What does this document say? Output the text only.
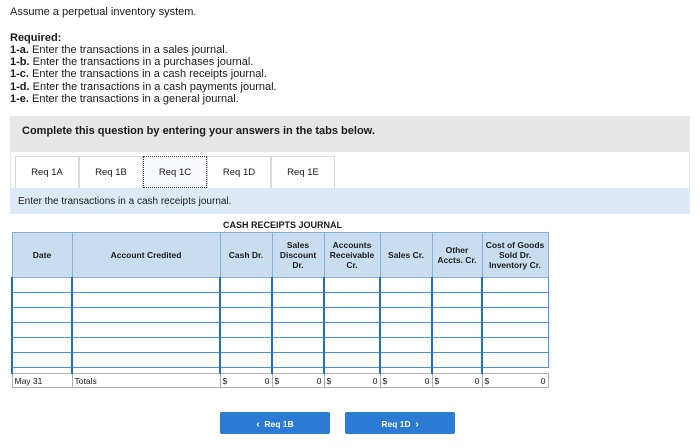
Assume a perpetual inventory system.
Required:
1-a. Enter the transactions in a sales journal.
1-b. Enter the transactions in a purchases journal.
1-c. Enter the transactions in a cash receipts journal.
1-d. Enter the transactions in a cash payments journal.
1-e. Enter the transactions in a general journal.
Complete this question by entering your answers in the tabs below.
Req 1A	Req 1B	Req 1C	Req 1D	Req 1E
Enter the transactions in a cash receipts journal.
CASH RECEIPTS JOURNAL
Date	Account Credited	Cash Dr.	Sales Discount Dr.	Accounts Receivable Cr.	Sales Cr.	Other Accts. Cr.	Cost of Goods Sold Dr. Inventory Cr.

May 31	Totals	$ 0	$ 0	$ 0	$ 0	$ 0	$ 0
‹ Req 1B	Req 1D ›
